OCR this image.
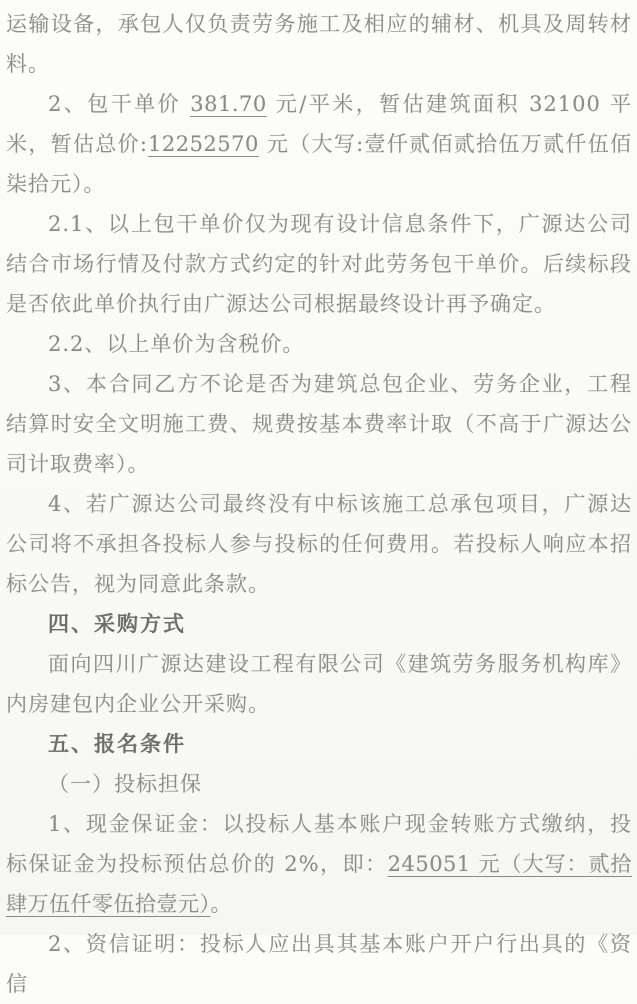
运输设备，承包人仅负责劳务施工及相应的辅材、机具及周转材料。

2、包干单价 381.70 元/平米，暂估建筑面积 32100 平米，暂估总价:12252570 元（大写:壹仟贰佰贰拾伍万贰仟伍佰柒拾元）。

2.1、以上包干单价仅为现有设计信息条件下，广源达公司结合市场行情及付款方式约定的针对此劳务包干单价。后续标段是否依此单价执行由广源达公司根据最终设计再予确定。

2.2、以上单价为含税价。

3、本合同乙方不论是否为建筑总包企业、劳务企业，工程结算时安全文明施工费、规费按基本费率计取（不高于广源达公司计取费率）。

4、若广源达公司最终没有中标该施工总承包项目，广源达公司将不承担各投标人参与投标的任何费用。若投标人响应本招标公告，视为同意此条款。

四、采购方式

面向四川广源达建设工程有限公司《建筑劳务服务机构库》内房建包内企业公开采购。

五、报名条件

（一）投标担保

1、现金保证金：以投标人基本账户现金转账方式缴纳，投标保证金为投标预估总价的 2%，即：245051 元（大写：贰拾肆万伍仟零伍拾壹元）。

2、资信证明：投标人应出具其基本账户开户行出具的《资信
